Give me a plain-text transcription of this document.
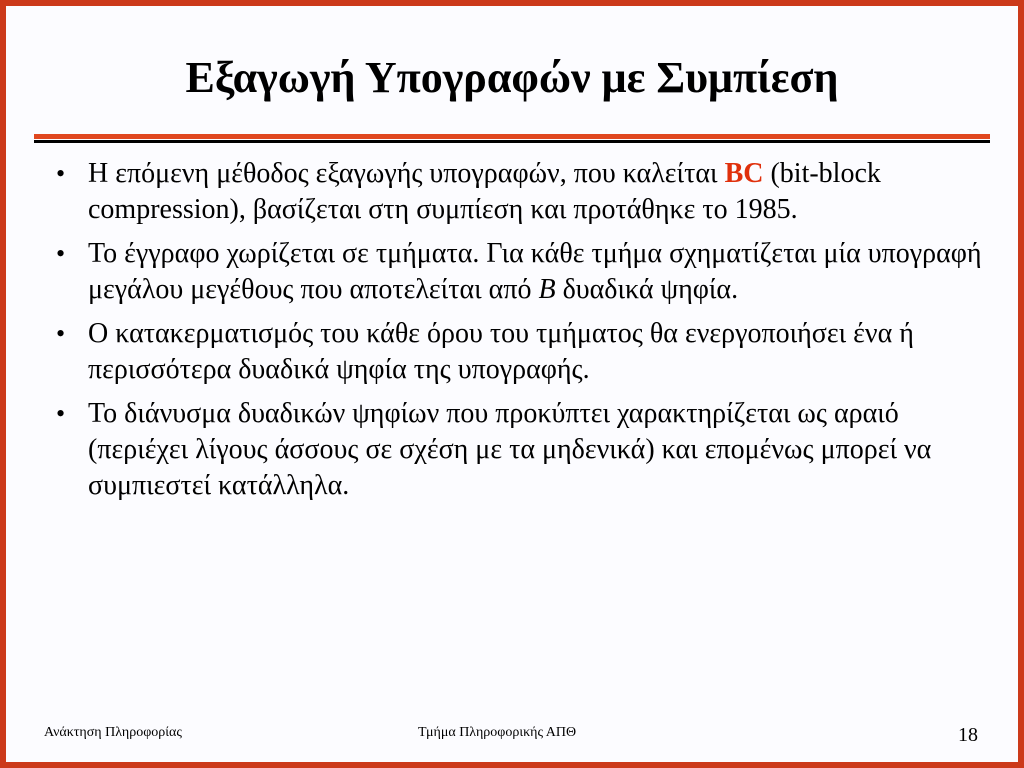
Εξαγωγή Υπογραφών με Συμπίεση
• Η επόμενη μέθοδος εξαγωγής υπογραφών, που καλείται BC (bit-block compression), βασίζεται στη συμπίεση και προτάθηκε το 1985.
• Το έγγραφο χωρίζεται σε τμήματα. Για κάθε τμήμα σχηματίζεται μία υπογραφή μεγάλου μεγέθους που αποτελείται από B δυαδικά ψηφία.
• Ο κατακερματισμός του κάθε όρου του τμήματος θα ενεργοποιήσει ένα ή περισσότερα δυαδικά ψηφία της υπογραφής.
• Το διάνυσμα δυαδικών ψηφίων που προκύπτει χαρακτηρίζεται ως αραιό (περιέχει λίγους άσσους σε σχέση με τα μηδενικά) και επομένως μπορεί να συμπιεστεί κατάλληλα.
Ανάκτηση Πληροφορίας	Τμήμα Πληροφορικής ΑΠΘ	18
